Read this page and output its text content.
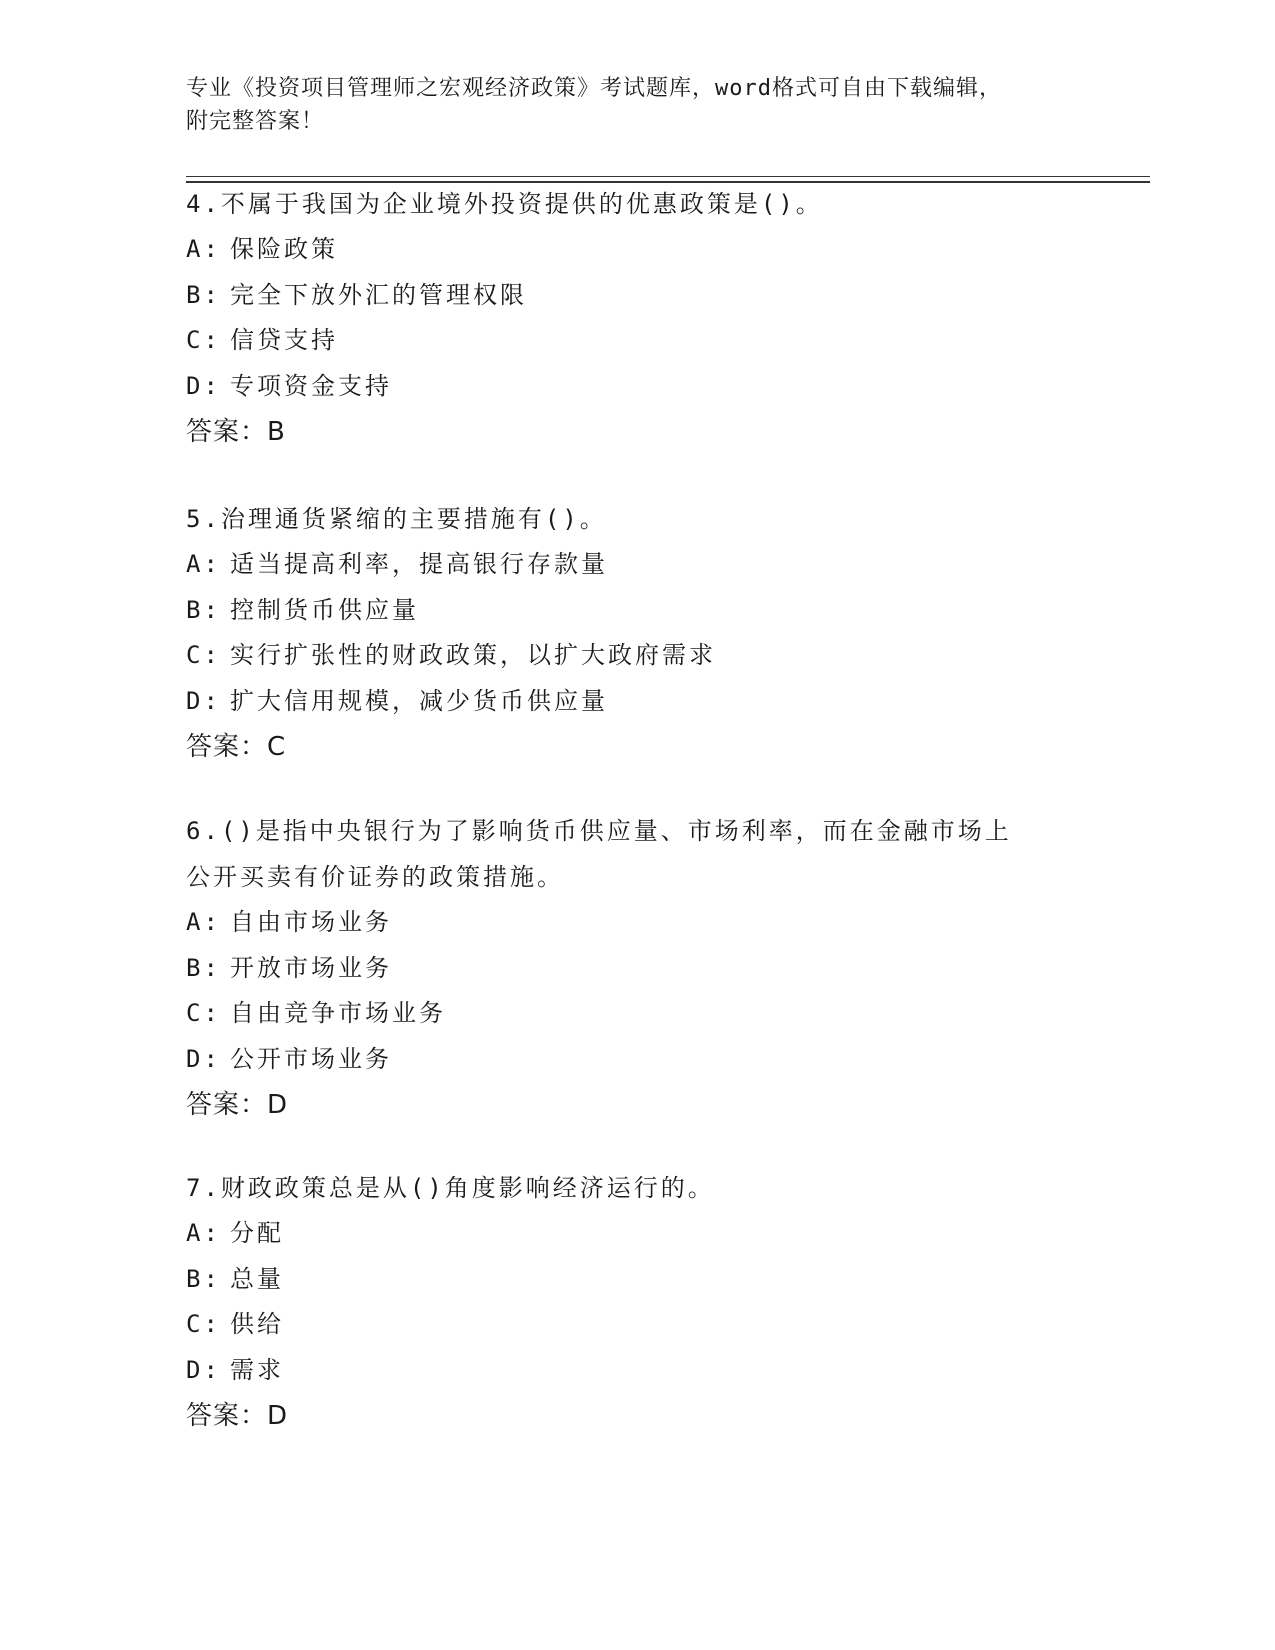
专业《投资项目管理师之宏观经济政策》考试题库，word格式可自由下载编辑，
附完整答案！

4.不属于我国为企业境外投资提供的优惠政策是()。

A: 保险政策

B: 完全下放外汇的管理权限

C: 信贷支持

D: 专项资金支持

答案：B

5.治理通货紧缩的主要措施有()。

A: 适当提高利率，提高银行存款量

B: 控制货币供应量

C: 实行扩张性的财政政策，以扩大政府需求

D: 扩大信用规模，减少货币供应量

答案：C

6.()是指中央银行为了影响货币供应量、市场利率，而在金融市场上

公开买卖有价证券的政策措施。

A: 自由市场业务

B: 开放市场业务

C: 自由竞争市场业务

D: 公开市场业务

答案：D

7.财政政策总是从()角度影响经济运行的。

A: 分配

B: 总量

C: 供给

D: 需求

答案：D
